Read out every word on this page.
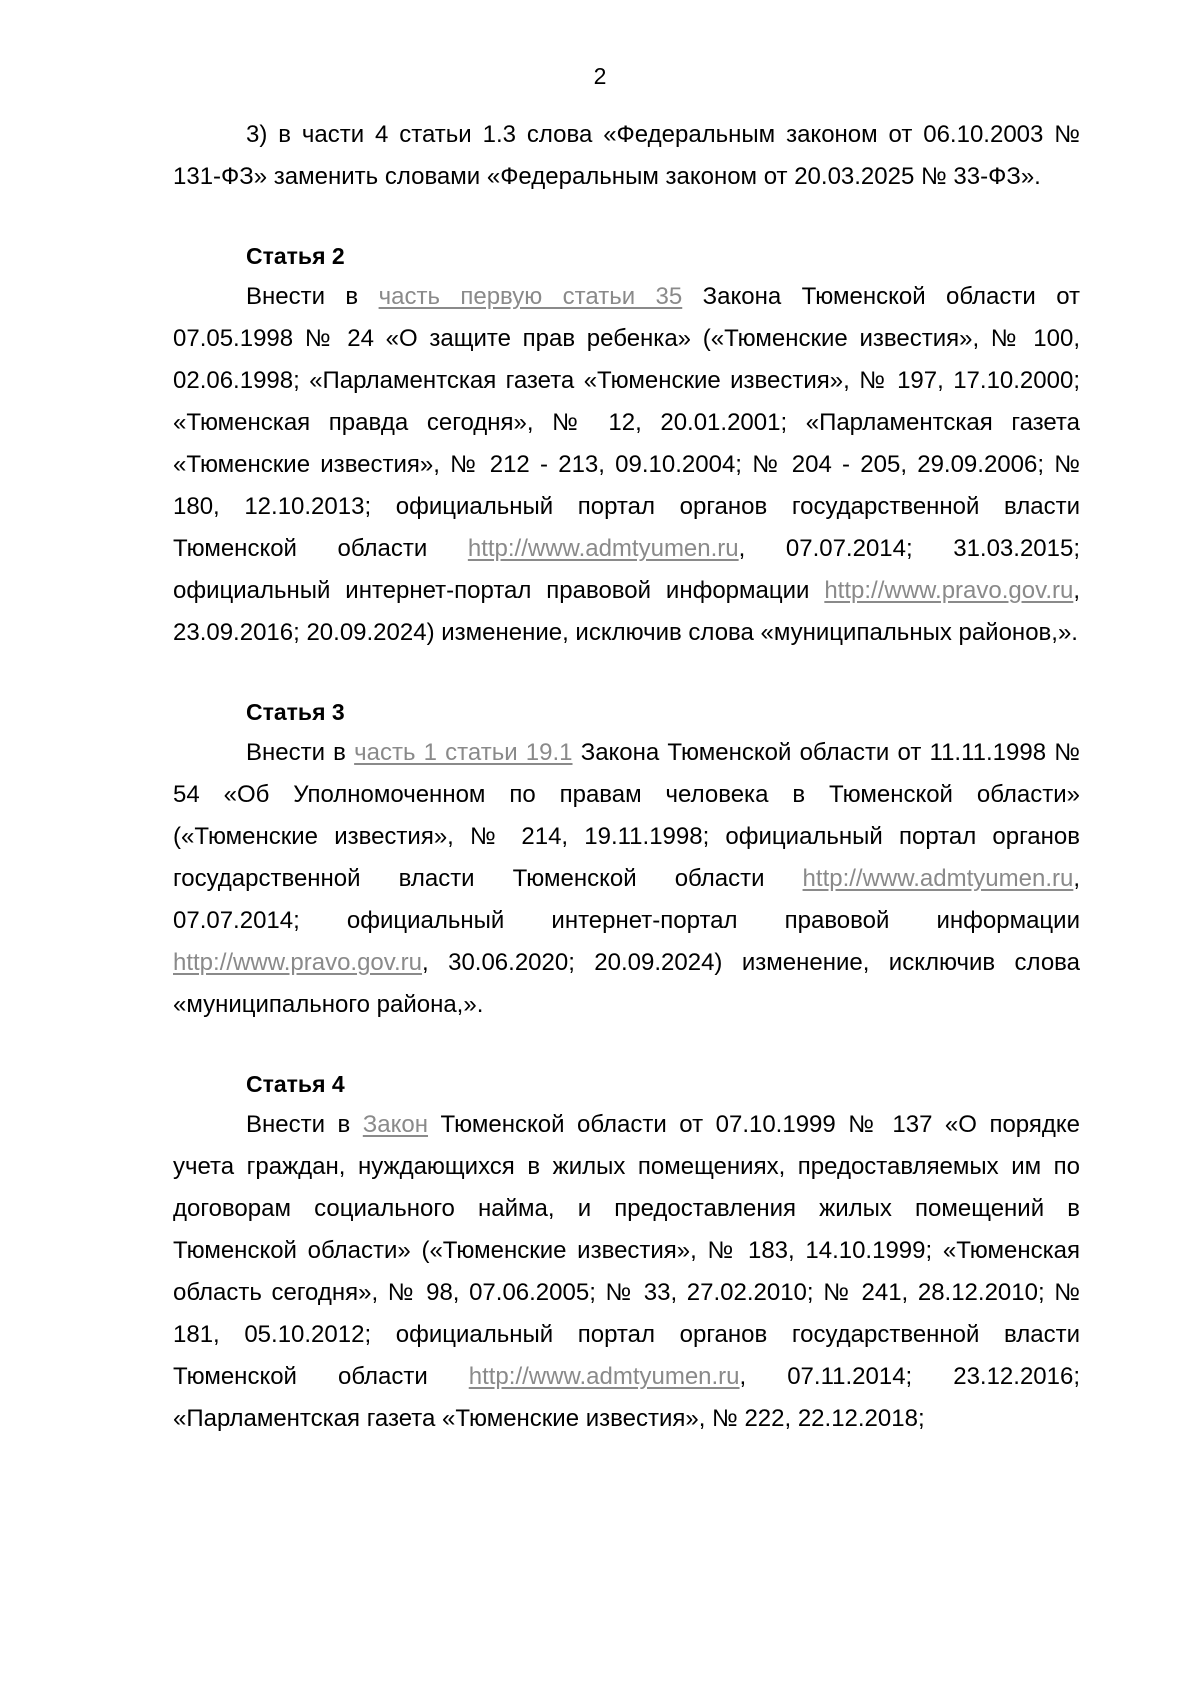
2

3) в части 4 статьи 1.3 слова «Федеральным законом от 06.10.2003 № 131-ФЗ» заменить словами «Федеральным законом от 20.03.2025 № 33-ФЗ».

Статья 2

Внести в часть первую статьи 35 Закона Тюменской области от 07.05.1998 № 24 «О защите прав ребенка» («Тюменские известия», № 100, 02.06.1998; «Парламентская газета «Тюменские известия», № 197, 17.10.2000; «Тюменская правда сегодня», № 12, 20.01.2001; «Парламентская газета «Тюменские известия», № 212 - 213, 09.10.2004; № 204 - 205, 29.09.2006; № 180, 12.10.2013; официальный портал органов государственной власти Тюменской области http://www.admtyumen.ru, 07.07.2014; 31.03.2015; официальный интернет-портал правовой информации http://www.pravo.gov.ru, 23.09.2016; 20.09.2024) изменение, исключив слова «муниципальных районов,».

Статья 3

Внести в часть 1 статьи 19.1 Закона Тюменской области от 11.11.1998 № 54 «Об Уполномоченном по правам человека в Тюменской области» («Тюменские известия», № 214, 19.11.1998; официальный портал органов государственной власти Тюменской области http://www.admtyumen.ru, 07.07.2014; официальный интернет-портал правовой информации http://www.pravo.gov.ru, 30.06.2020; 20.09.2024) изменение, исключив слова «муниципального района,».

Статья 4

Внести в Закон Тюменской области от 07.10.1999 № 137 «О порядке учета граждан, нуждающихся в жилых помещениях, предоставляемых им по договорам социального найма, и предоставления жилых помещений в Тюменской области» («Тюменские известия», № 183, 14.10.1999; «Тюменская область сегодня», № 98, 07.06.2005; № 33, 27.02.2010; № 241, 28.12.2010; № 181, 05.10.2012; официальный портал органов государственной власти Тюменской области http://www.admtyumen.ru, 07.11.2014; 23.12.2016; «Парламентская газета «Тюменские известия», № 222, 22.12.2018;
